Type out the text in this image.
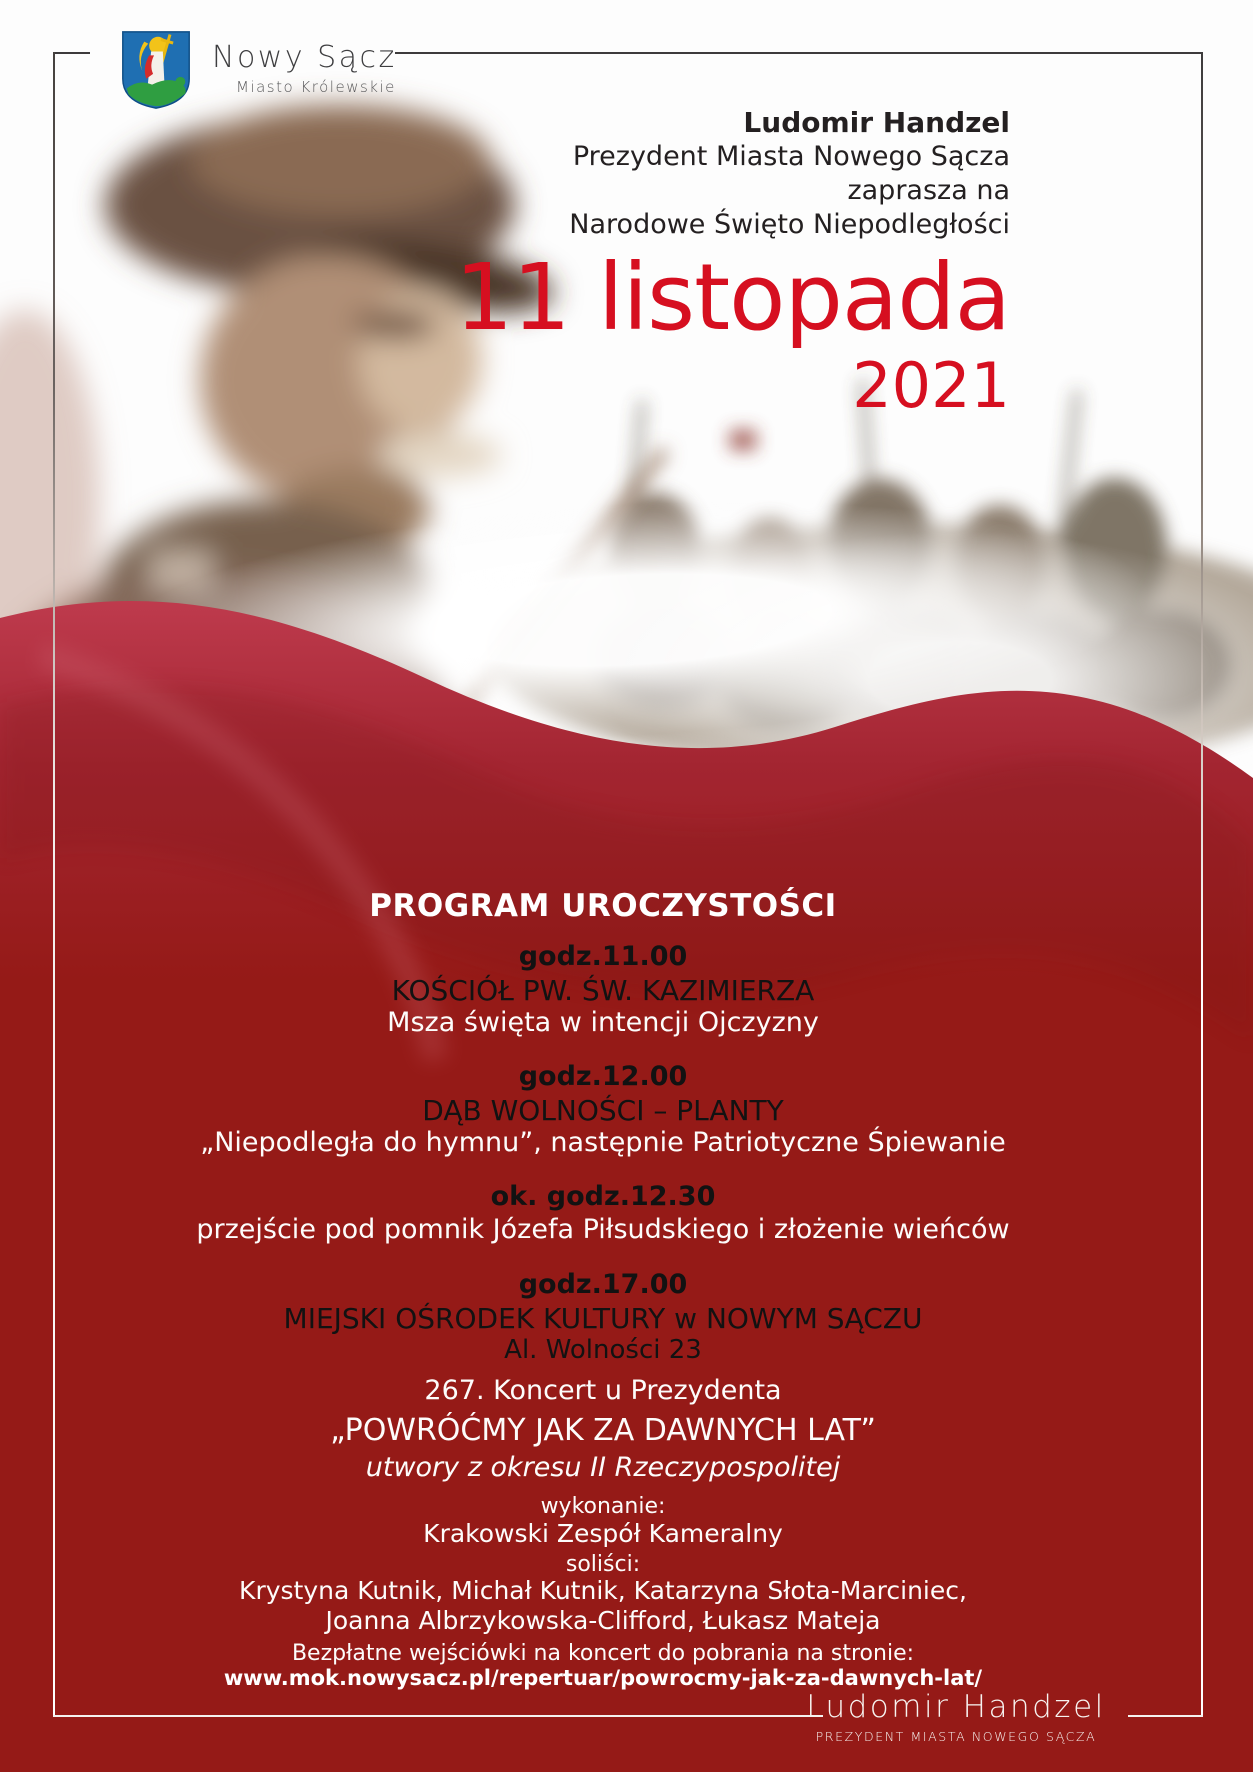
Nowy Sącz
Miasto Królewskie
Ludomir Handzel
Prezydent Miasta Nowego Sącza
zaprasza na
Narodowe Święto Niepodległości
11 listopada
2021
PROGRAM UROCZYSTOŚCI
godz.11.00
KOŚCIÓŁ PW. ŚW. KAZIMIERZA
Msza święta w intencji Ojczyzny
godz.12.00
DĄB WOLNOŚCI – PLANTY
„Niepodległa do hymnu”, następnie Patriotyczne Śpiewanie
ok. godz.12.30
przejście pod pomnik Józefa Piłsudskiego i złożenie wieńców
godz.17.00
MIEJSKI OŚRODEK KULTURY w NOWYM SĄCZU
Al. Wolności 23
267. Koncert u Prezydenta
„POWRÓĆMY JAK ZA DAWNYCH LAT”
utwory z okresu II Rzeczypospolitej
wykonanie:
Krakowski Zespół Kameralny
soliści:
Krystyna Kutnik, Michał Kutnik, Katarzyna Słota-Marciniec,
Joanna Albrzykowska-Clifford, Łukasz Mateja
Bezpłatne wejściówki na koncert do pobrania na stronie:
www.mok.nowysacz.pl/repertuar/powrocmy-jak-za-dawnych-lat/
Ludomir Handzel
PREZYDENT MIASTA NOWEGO SĄCZA
